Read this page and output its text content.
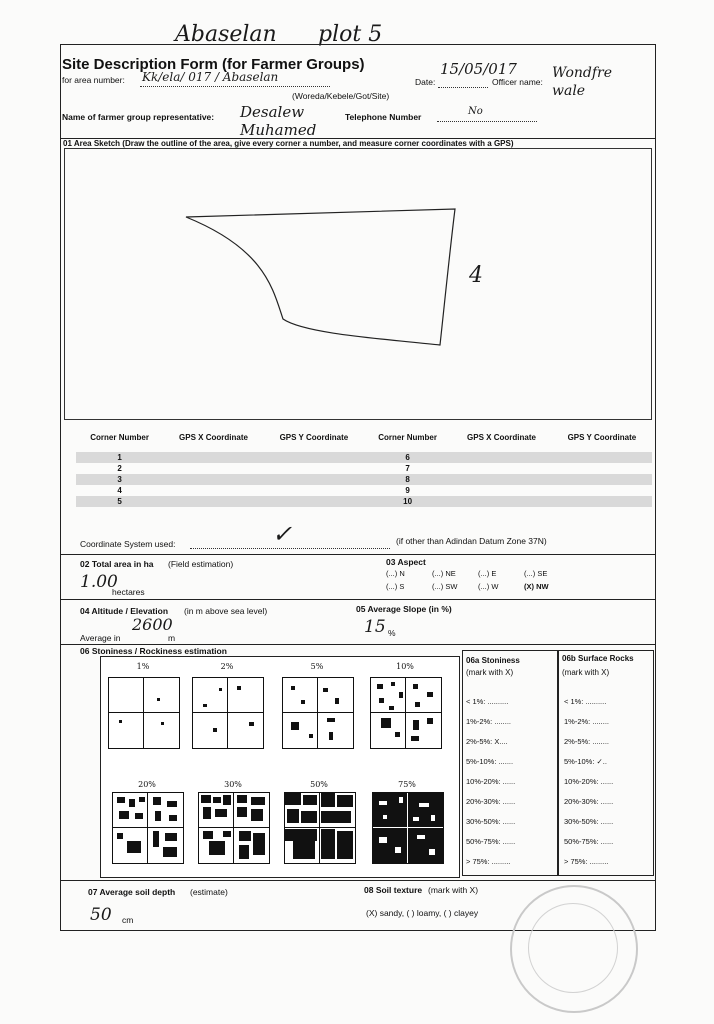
Abaselan plot 5
Site Description Form (for Farmer Groups)
for area number: Kk/ela/ 017 / Abaselan
(Woreda/Kebele/Got/Site)
Date:
15/05/017
Officer name:
Wondfre wale
Name of farmer group representative: Desalew Muhamed
Telephone Number	No
01 Area Sketch (Draw the outline of the area, give every corner a number, and measure corner coordinates with a GPS)
4
Corner Number	GPS X Coordinate	GPS Y Coordinate	Corner Number	GPS X Coordinate	GPS Y Coordinate
1			6		
2			7		
3			8		
4			9		
5			10		
Coordinate System used:	✓	(if other than Adindan Datum Zone 37N)
02 Total area in ha (Field estimation)
1.00
hectares
03 Aspect
(...) N	(...) NE	(...) E	(...) SE
(...) S	(...) SW	(...) W	(X) NW
04 Altitude / Elevation (in m above sea level)
Average in
2600
m
05 Average Slope (in %)
15 %
06 Stoniness / Rockiness estimation
1%	2%	5%	10%
20%	30%	50%	75%
06a Stoniness
(mark with X)
06b Surface Rocks
(mark with X)
< 1%: ..........
1%-2%: ........
2%-5%: X....
5%-10%: .......
10%-20%: ......
20%-30%: ......
30%-50%: ......
50%-75%: ......
> 75%: .........
< 1%: ..........
1%-2%: ........
2%-5%: ........
5%-10%: ✓..
10%-20%: ......
20%-30%: ......
30%-50%: ......
50%-75%: ......
> 75%: .........
07 Average soil depth (estimate)
50 cm
08 Soil texture (mark with X)
(X) sandy, ( ) loamy, ( ) clayey
